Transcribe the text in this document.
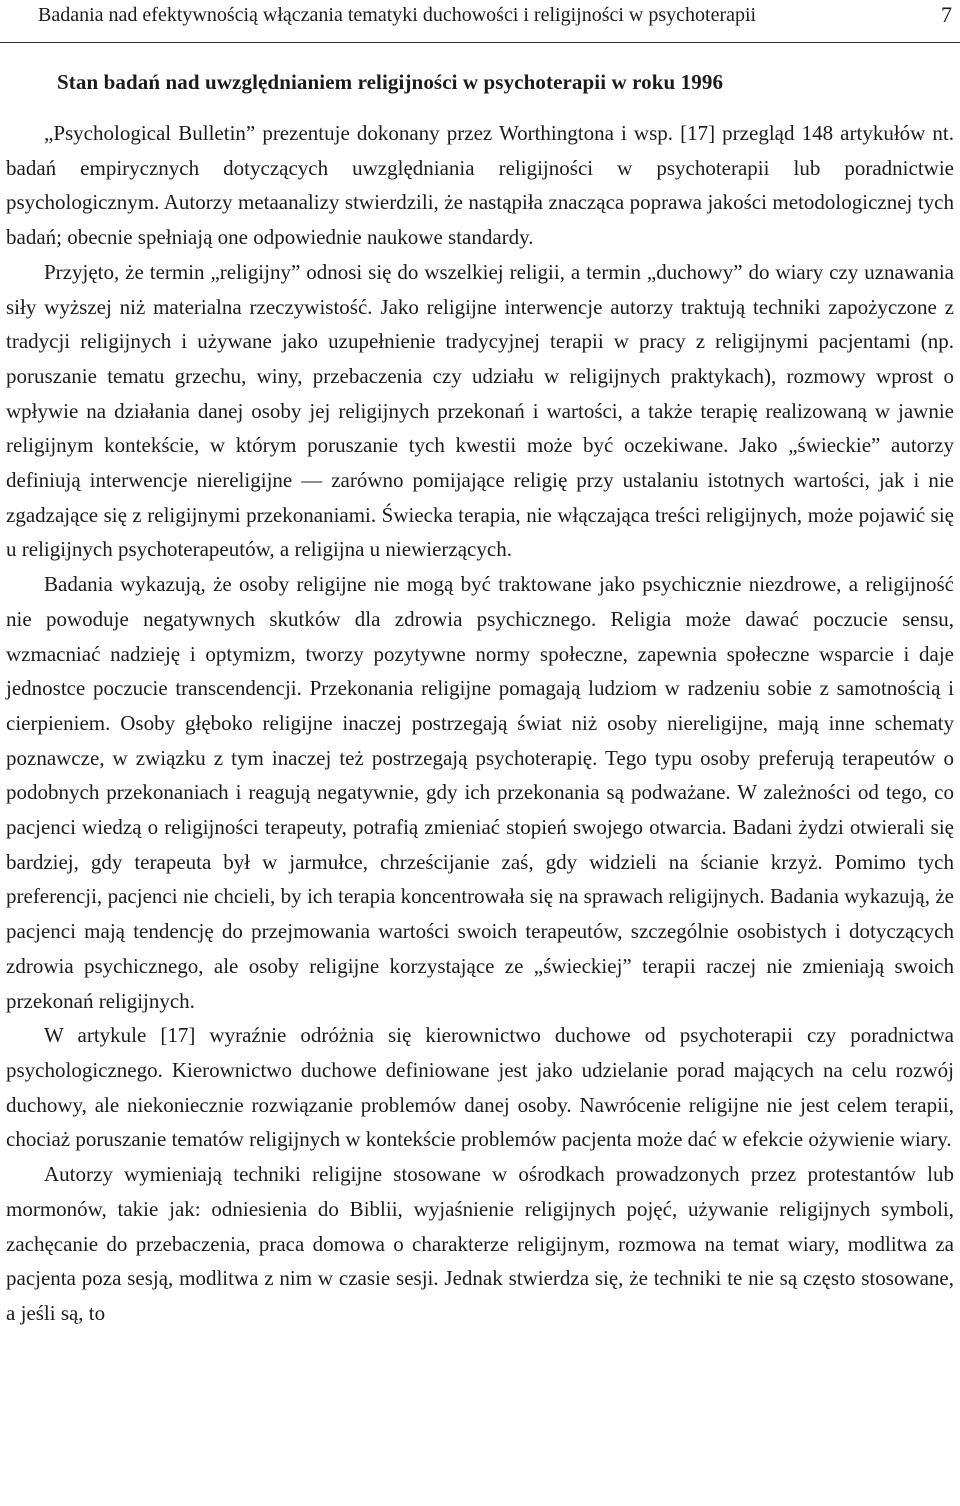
Badania nad efektywnością włączania tematyki duchowości i religijności w psychoterapii	7
Stan badań nad uwzględnianiem religijności w psychoterapii w roku 1996

„Psychological Bulletin” prezentuje dokonany przez Worthingtona i wsp. [17] przegląd 148 artykułów nt. badań empirycznych dotyczących uwzględniania religijności w psychoterapii lub poradnictwie psychologicznym. Autorzy metaanalizy stwierdzili, że nastąpiła znacząca poprawa jakości metodologicznej tych badań; obecnie spełniają one odpowiednie naukowe standardy.

Przyjęto, że termin „religijny” odnosi się do wszelkiej religii, a termin „duchowy” do wiary czy uznawania siły wyższej niż materialna rzeczywistość. Jako religijne interwencje autorzy traktują techniki zapożyczone z tradycji religijnych i używane jako uzupełnienie tradycyjnej terapii w pracy z religijnymi pacjentami (np. poruszanie tematu grzechu, winy, przebaczenia czy udziału w religijnych praktykach), rozmowy wprost o wpływie na działania danej osoby jej religijnych przekonań i wartości, a także terapię realizowaną w jawnie religijnym kontekście, w którym poruszanie tych kwestii może być oczekiwane. Jako „świeckie” autorzy definiują interwencje niereligijne — zarówno pomijające religię przy ustalaniu istotnych wartości, jak i nie zgadzające się z religijnymi przekonaniami. Świecka terapia, nie włączająca treści religijnych, może pojawić się u religijnych psychoterapeutów, a religijna u niewierzących.

Badania wykazują, że osoby religijne nie mogą być traktowane jako psychicznie niezdrowe, a religijność nie powoduje negatywnych skutków dla zdrowia psychicznego. Religia może dawać poczucie sensu, wzmacniać nadzieję i optymizm, tworzy pozytywne normy społeczne, zapewnia społeczne wsparcie i daje jednostce poczucie transcendencji. Przekonania religijne pomagają ludziom w radzeniu sobie z samotnością i cierpieniem. Osoby głęboko religijne inaczej postrzegają świat niż osoby niereligijne, mają inne schematy poznawcze, w związku z tym inaczej też postrzegają psychoterapię. Tego typu osoby preferują terapeutów o podobnych przekonaniach i reagują negatywnie, gdy ich przekonania są podważane. W zależności od tego, co pacjenci wiedzą o religijności terapeuty, potrafią zmieniać stopień swojego otwarcia. Badani żydzi otwierali się bardziej, gdy terapeuta był w jarmułce, chrześcijanie zaś, gdy widzieli na ścianie krzyż. Pomimo tych preferencji, pacjenci nie chcieli, by ich terapia koncentrowała się na sprawach religijnych. Badania wykazują, że pacjenci mają tendencję do przejmowania wartości swoich terapeutów, szczególnie osobistych i dotyczących zdrowia psychicznego, ale osoby religijne korzystające ze „świeckiej” terapii raczej nie zmieniają swoich przekonań religijnych.

W artykule [17] wyraźnie odróżnia się kierownictwo duchowe od psychoterapii czy poradnictwa psychologicznego. Kierownictwo duchowe definiowane jest jako udzielanie porad mających na celu rozwój duchowy, ale niekoniecznie rozwiązanie problemów danej osoby. Nawrócenie religijne nie jest celem terapii, chociaż poruszanie tematów religijnych w kontekście problemów pacjenta może dać w efekcie ożywienie wiary.

Autorzy wymieniają techniki religijne stosowane w ośrodkach prowadzonych przez protestantów lub mormonów, takie jak: odniesienia do Biblii, wyjaśnienie religijnych pojęć, używanie religijnych symboli, zachęcanie do przebaczenia, praca domowa o charakterze religijnym, rozmowa na temat wiary, modlitwa za pacjenta poza sesją, modlitwa z nim w czasie sesji. Jednak stwierdza się, że techniki te nie są często stosowane, a jeśli są, to
